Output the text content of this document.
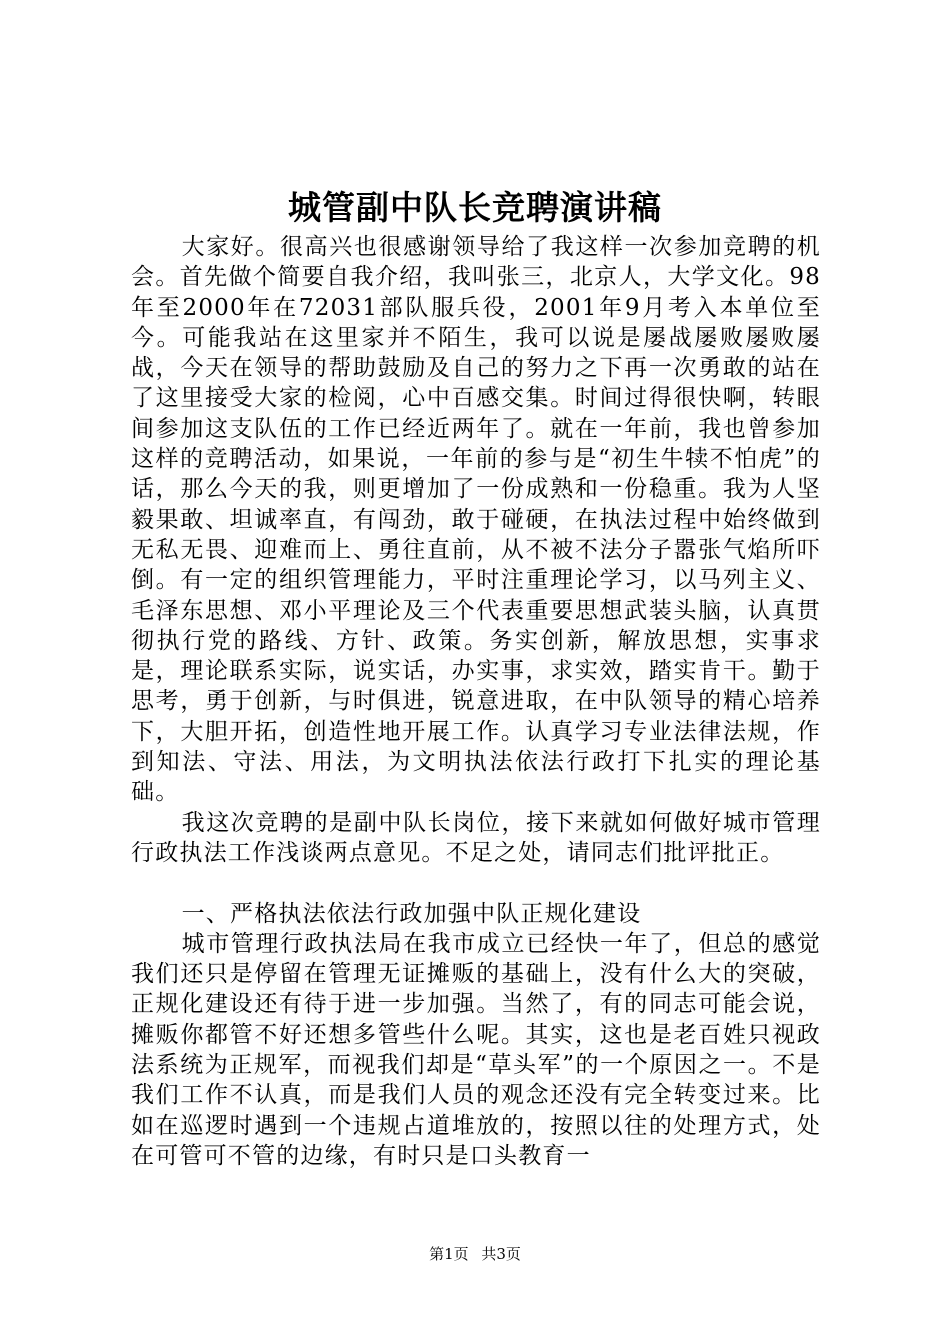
城管副中队长竞聘演讲稿

大家好。很高兴也很感谢领导给了我这样一次参加竞聘的机会。首先做个简要自我介绍，我叫张三，北京人，大学文化。98年至2000年在72031部队服兵役，2001年9月考入本单位至今。可能我站在这里家并不陌生，我可以说是屡战屡败屡败屡战，今天在领导的帮助鼓励及自己的努力之下再一次勇敢的站在了这里接受大家的检阅，心中百感交集。时间过得很快啊，转眼间参加这支队伍的工作已经近两年了。就在一年前，我也曾参加这样的竞聘活动，如果说，一年前的参与是“初生牛犊不怕虎”的话，那么今天的我，则更增加了一份成熟和一份稳重。我为人坚毅果敢、坦诚率直，有闯劲，敢于碰硬，在执法过程中始终做到无私无畏、迎难而上、勇往直前，从不被不法分子嚣张气焰所吓倒。有一定的组织管理能力，平时注重理论学习，以马列主义、毛泽东思想、邓小平理论及三个代表重要思想武装头脑，认真贯彻执行党的路线、方针、政策。务实创新，解放思想，实事求是，理论联系实际，说实话，办实事，求实效，踏实肯干。勤于思考，勇于创新，与时俱进，锐意进取，在中队领导的精心培养下，大胆开拓，创造性地开展工作。认真学习专业法律法规，作到知法、守法、用法，为文明执法依法行政打下扎实的理论基础。

我这次竞聘的是副中队长岗位，接下来就如何做好城市管理行政执法工作浅谈两点意见。不足之处，请同志们批评批正。

一、严格执法依法行政加强中队正规化建设

城市管理行政执法局在我市成立已经快一年了，但总的感觉我们还只是停留在管理无证摊贩的基础上，没有什么大的突破，正规化建设还有待于进一步加强。当然了，有的同志可能会说，摊贩你都管不好还想多管些什么呢。其实，这也是老百姓只视政法系统为正规军，而视我们却是“草头军”的一个原因之一。不是我们工作不认真，而是我们人员的观念还没有完全转变过来。比如在巡逻时遇到一个违规占道堆放的，按照以往的处理方式，处在可管可不管的边缘，有时只是口头教育一

第1页 共3页
